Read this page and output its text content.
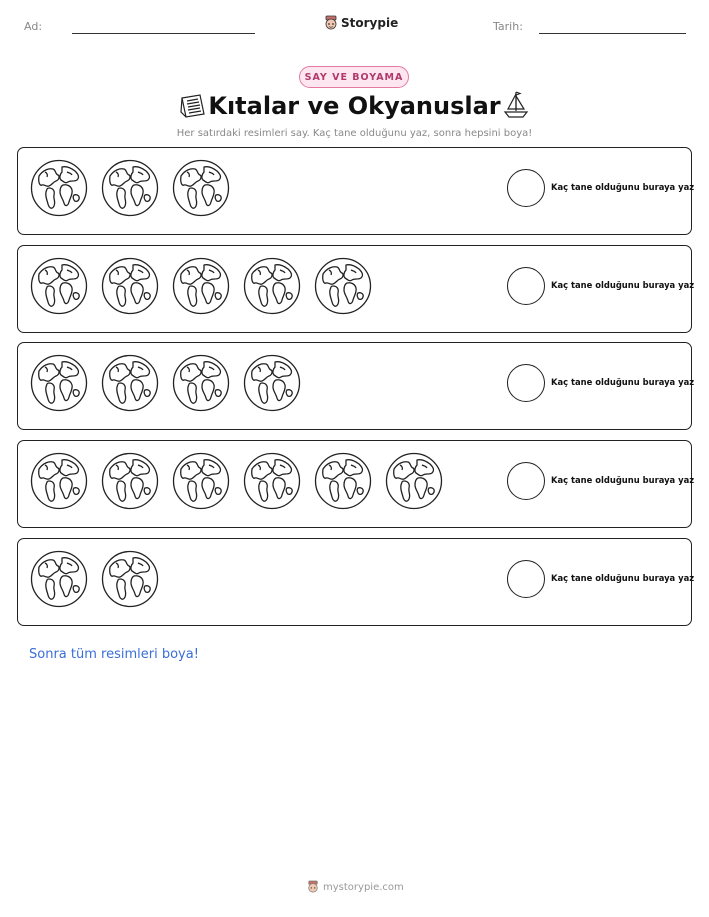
Ad:	Storypie	Tarih:
SAY VE BOYAMA
Kıtalar ve Okyanuslar
Her satırdaki resimleri say. Kaç tane olduğunu yaz, sonra hepsini boya!
Kaç tane olduğunu buraya yaz
Kaç tane olduğunu buraya yaz
Kaç tane olduğunu buraya yaz
Kaç tane olduğunu buraya yaz
Kaç tane olduğunu buraya yaz
Sonra tüm resimleri boya!
mystorypie.com
